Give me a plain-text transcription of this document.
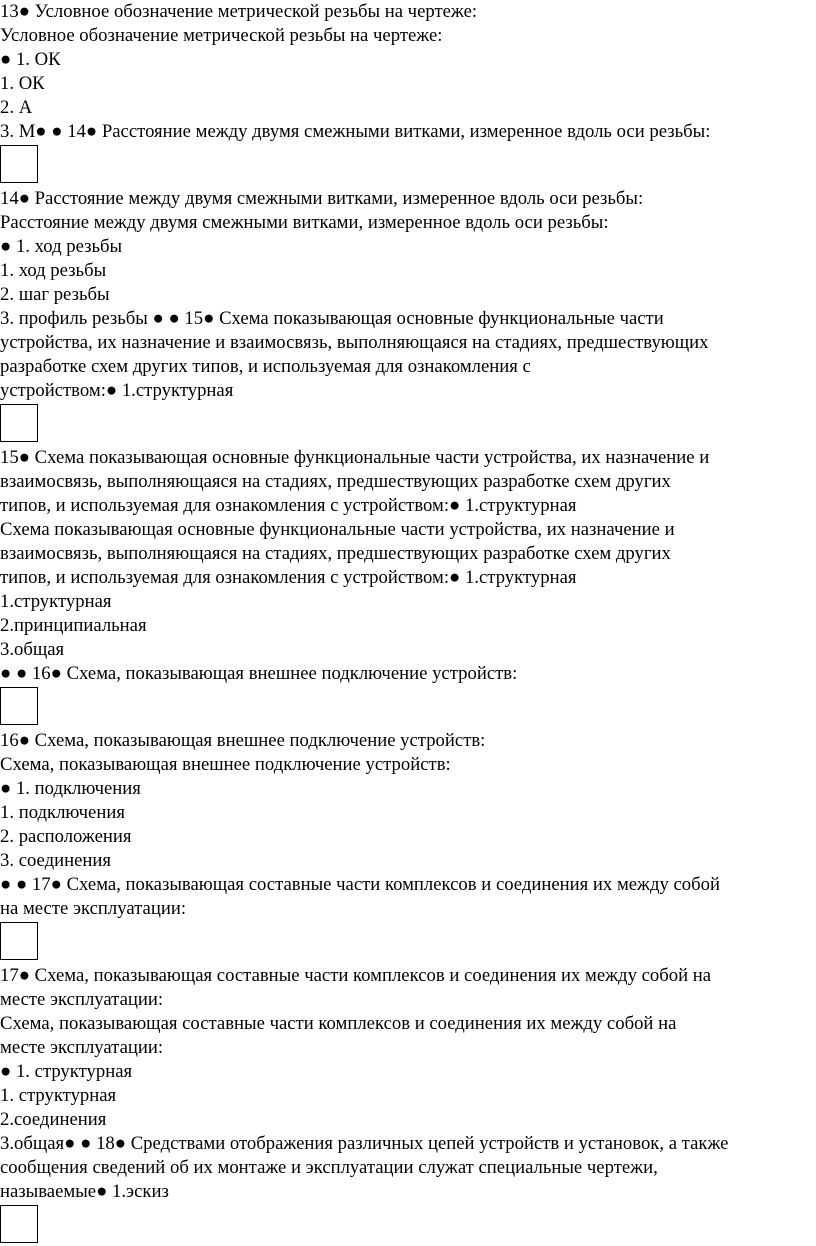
13● Условное обозначение метрической резьбы на чертеже:
Условное обозначение метрической резьбы на чертеже:
● 1. ОК
1. ОК
2. А
3. М● ● 14● Расстояние между двумя смежными витками, измеренное вдоль оси резьбы:
14● Расстояние между двумя смежными витками, измеренное вдоль оси резьбы:
Расстояние между двумя смежными витками, измеренное вдоль оси резьбы:
● 1. ход резьбы
1. ход резьбы
2. шаг резьбы
3. профиль резьбы ● ● 15● Схема показывающая основные функциональные части
устройства, их назначение и взаимосвязь, выполняющаяся на стадиях, предшествующих
разработке схем других типов, и используемая для ознакомления с
устройством:● 1.структурная
15● Схема показывающая основные функциональные части устройства, их назначение и
взаимосвязь, выполняющаяся на стадиях, предшествующих разработке схем других
типов, и используемая для ознакомления с устройством:● 1.структурная
Схема показывающая основные функциональные части устройства, их назначение и
взаимосвязь, выполняющаяся на стадиях, предшествующих разработке схем других
типов, и используемая для ознакомления с устройством:● 1.структурная
1.структурная
2.принципиальная
3.общая
● ● 16● Схема, показывающая внешнее подключение устройств:
16● Схема, показывающая внешнее подключение устройств:
Схема, показывающая внешнее подключение устройств:
● 1. подключения
1. подключения
2. расположения
3. соединения
● ● 17● Схема, показывающая составные части комплексов и соединения их между собой
на месте эксплуатации:
17● Схема, показывающая составные части комплексов и соединения их между собой на
месте эксплуатации:
Схема, показывающая составные части комплексов и соединения их между собой на
месте эксплуатации:
● 1. структурная
1. структурная
2.соединения
3.общая● ● 18● Средствами отображения различных цепей устройств и установок, а также
сообщения сведений об их монтаже и эксплуатации служат специальные чертежи,
называемые● 1.эскиз
